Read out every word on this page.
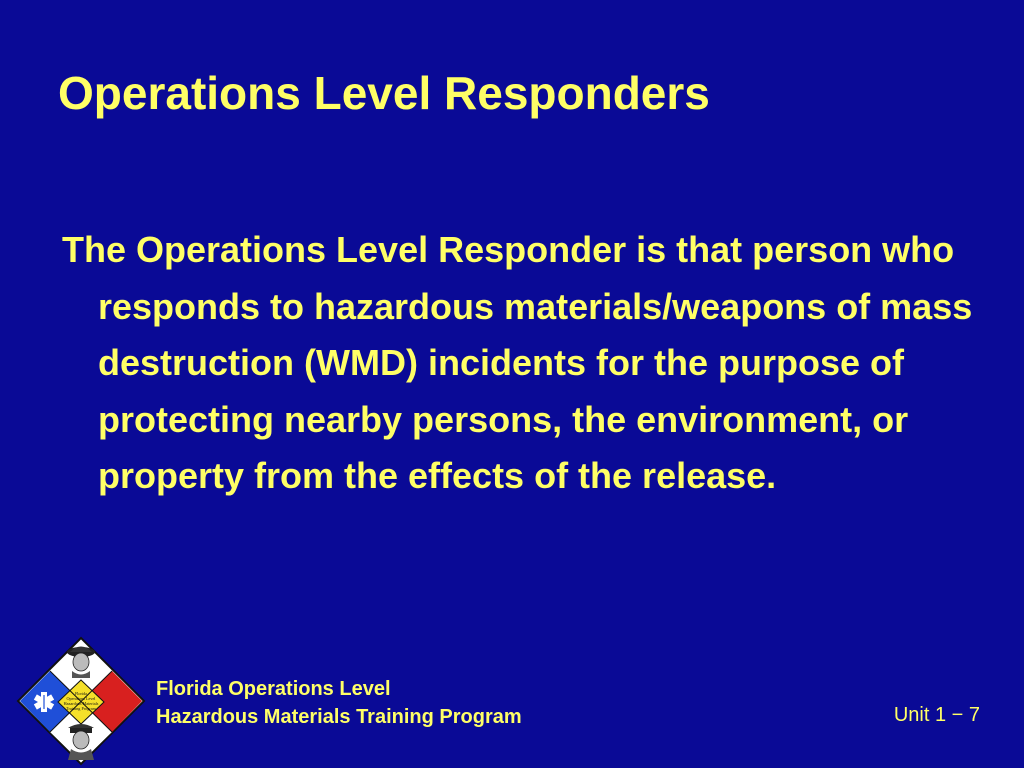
Operations Level Responders

The Operations Level Responder is that person who responds to hazardous materials/weapons of mass destruction (WMD) incidents for the purpose of protecting nearby persons, the environment, or property from the effects of the release.

Florida
Operations Level
Hazardous Materials
Training Program
Florida Operations Level
Hazardous Materials Training Program	Unit 1 − 7
